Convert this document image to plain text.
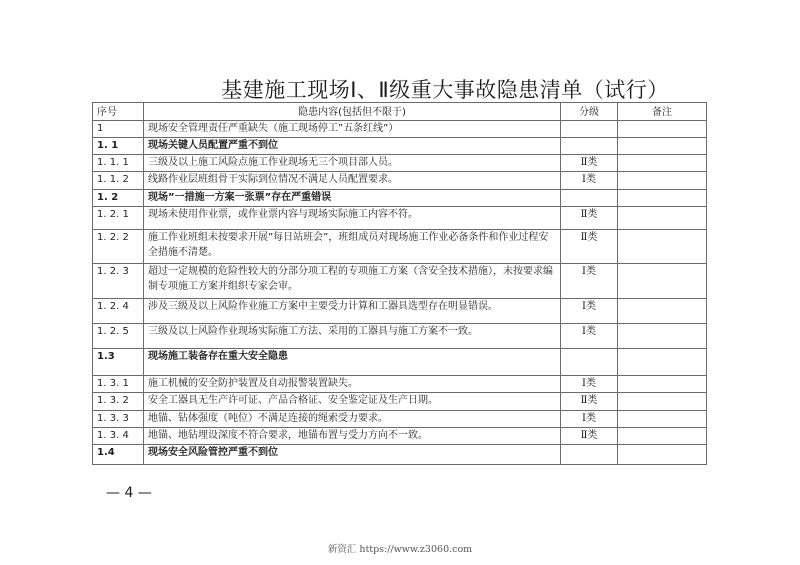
基建施工现场Ⅰ、Ⅱ级重大事故隐患清单（试行）
序号	隐患内容(包括但不限于)	分级	备注
1	现场安全管理责任严重缺失（施工现场停工”五条红线”）		
1. 1	现场关键人员配置严重不到位		
1. 1. 1	三级及以上施工风险点施工作业现场无三个项目部人员。	Ⅱ类	
1. 1. 2	线路作业层班组骨干实际到位情况不满足人员配置要求。	Ⅰ类	
1. 2	现场”一措施一方案一张票”存在严重错误		
1. 2. 1	现场未使用作业票，或作业票内容与现场实际施工内容不符。	Ⅱ类	
1. 2. 2	施工作业班组未按要求开展”每日站班会”，班组成员对现场施工作业必备条件和作业过程安全措施不清楚。	Ⅱ类	
1. 2. 3	超过一定规模的危险性较大的分部分项工程的专项施工方案（含安全技术措施），未按要求编制专项施工方案并组织专家会审。	Ⅰ类	
1. 2. 4	涉及三级及以上风险作业施工方案中主要受力计算和工器具选型存在明显错误。	Ⅰ类	
1. 2. 5	三级及以上风险作业现场实际施工方法、采用的工器具与施工方案不一致。	Ⅰ类	
1.3	现场施工装备存在重大安全隐患		
1. 3. 1	施工机械的安全防护装置及自动报警装置缺失。	Ⅰ类	
1. 3. 2	安全工器具无生产许可证、产品合格证、安全鉴定证及生产日期。	Ⅱ类	
1. 3. 3	地锚、钻体强度（吨位）不满足连接的绳索受力要求。	Ⅰ类	
1. 3. 4	地锚、地钻埋设深度不符合要求，地锚布置与受力方向不一致。	Ⅱ类	
1.4	现场安全风险管控严重不到位		
— 4 —
新资汇 https://www.z3060.com
